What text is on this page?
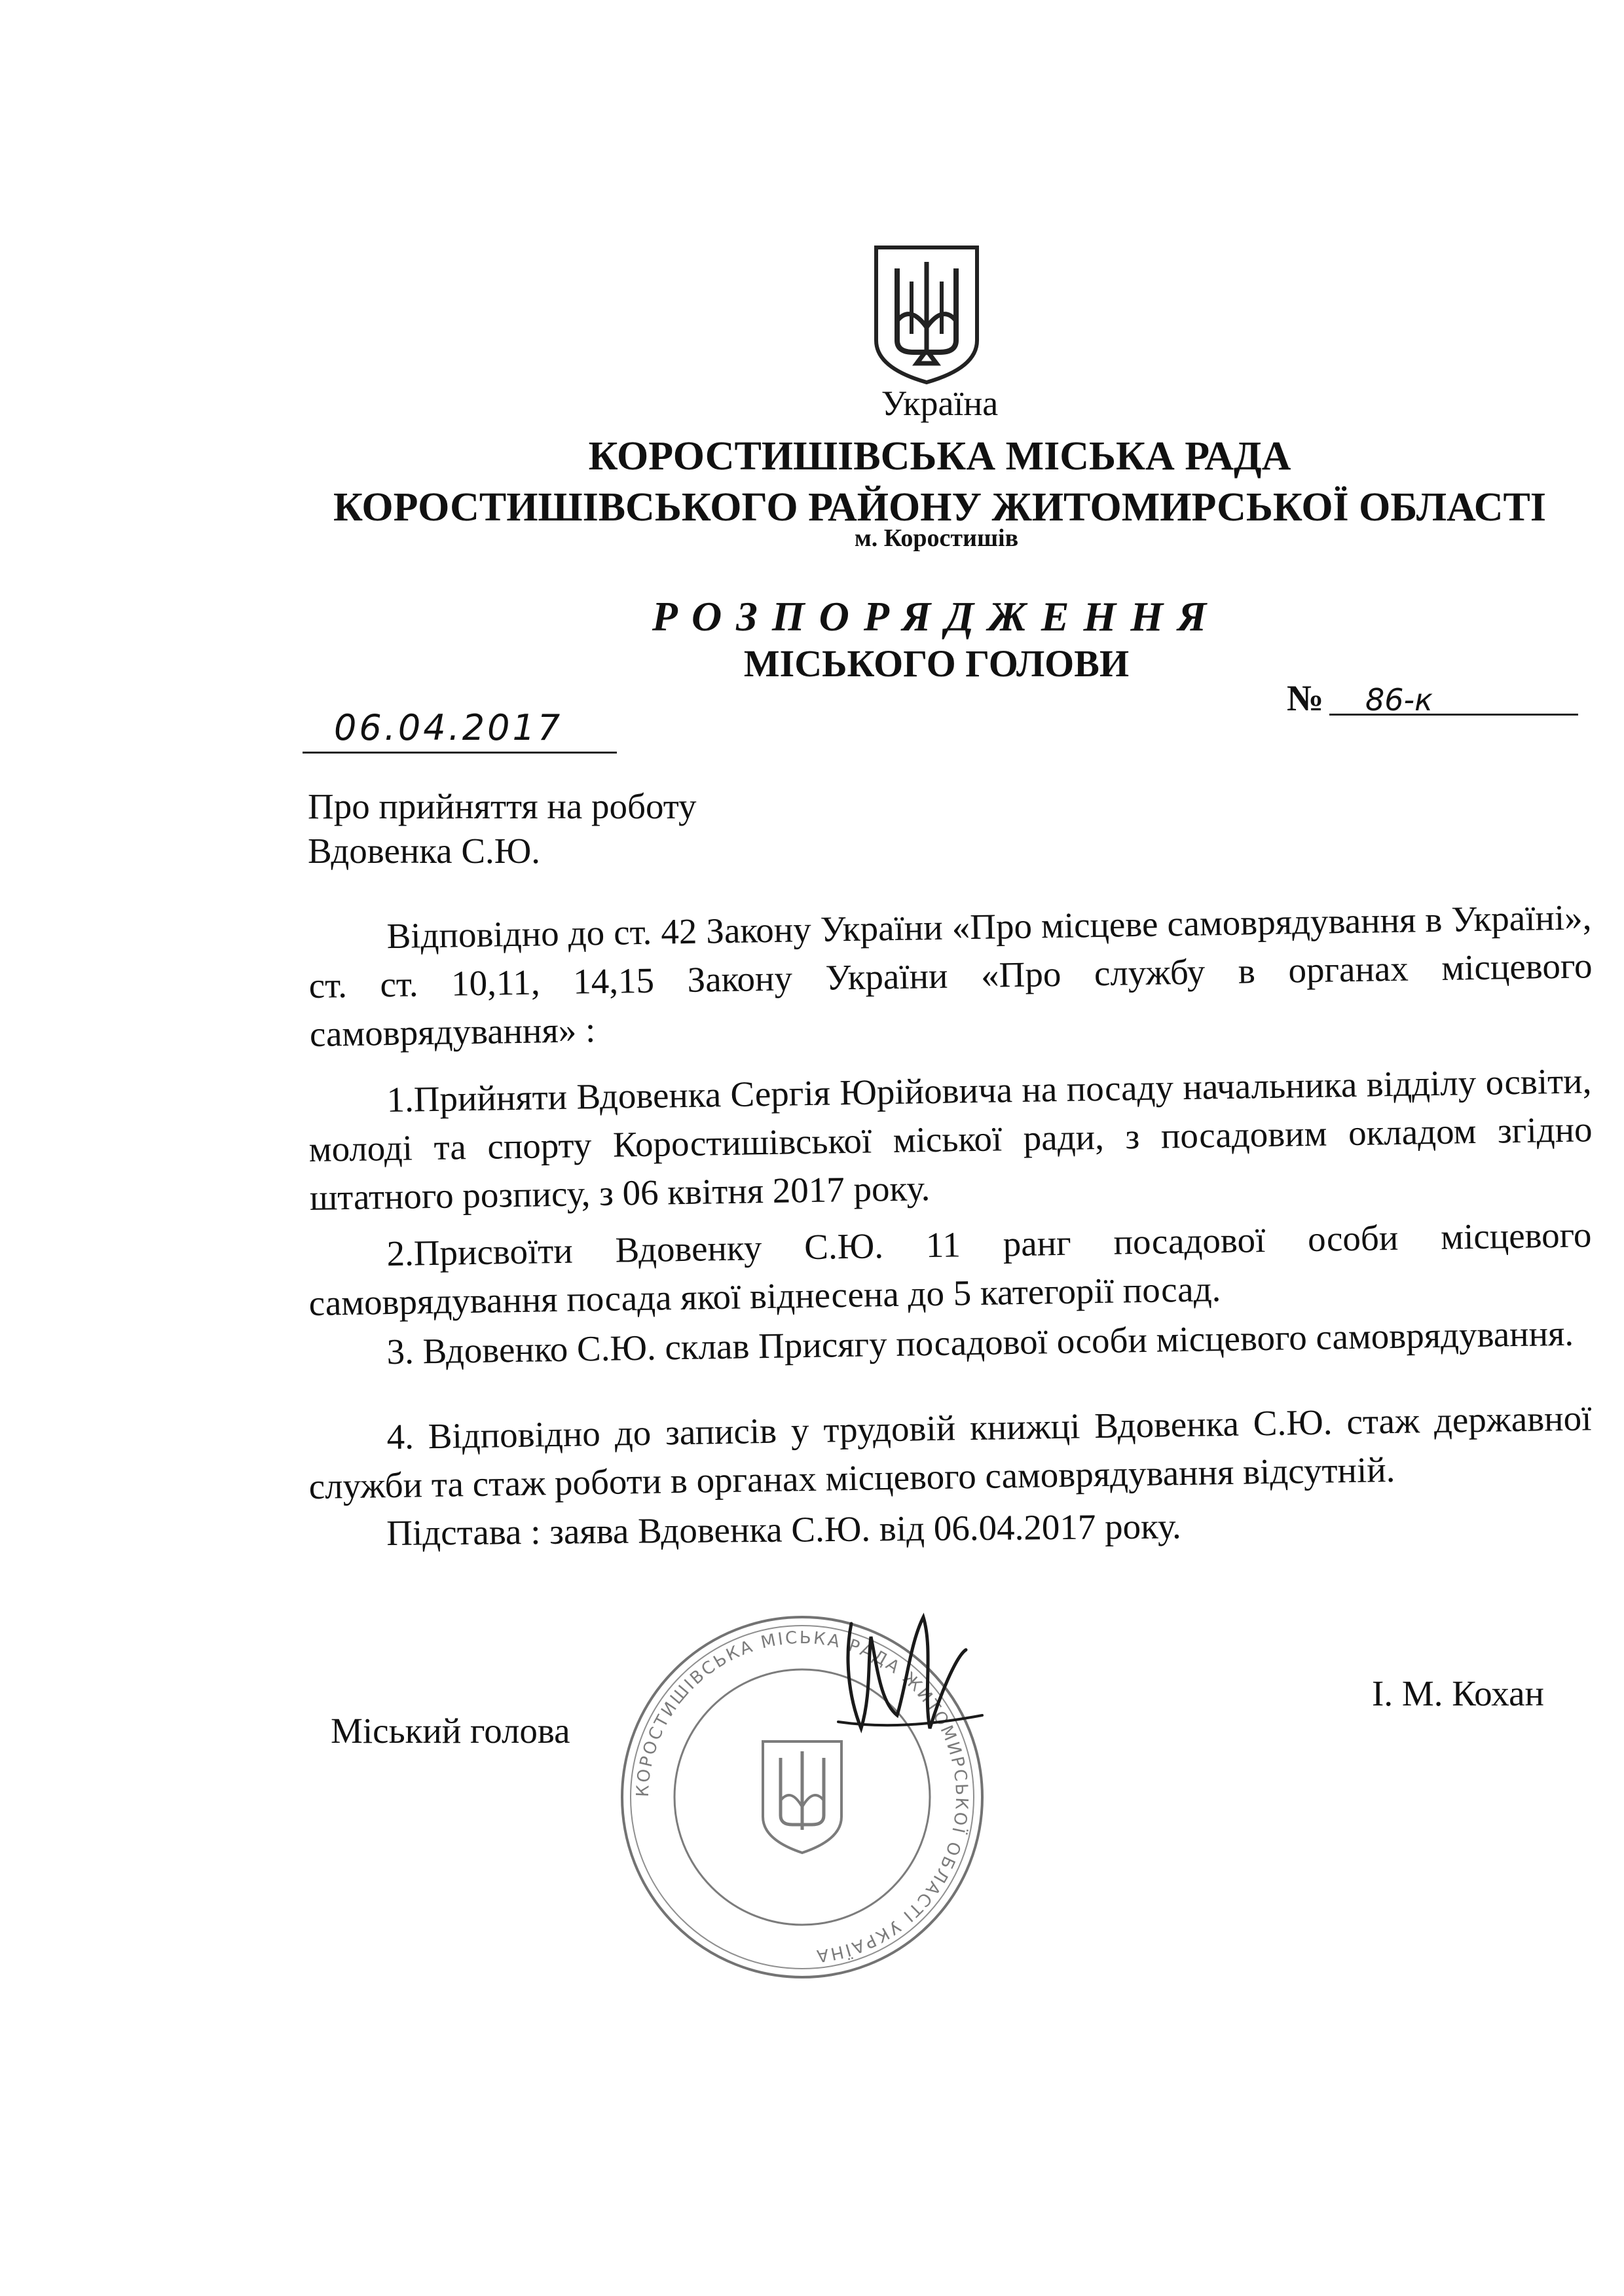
Україна
КОРОСТИШІВСЬКА МІСЬКА РАДА
КОРОСТИШІВСЬКОГО РАЙОНУ ЖИТОМИРСЬКОЇ ОБЛАСТІ
м. Коростишів
РОЗПОРЯДЖЕННЯ
МІСЬКОГО ГОЛОВИ
06.04.2017
№ 86-к
Про прийняття на роботу
Вдовенка С.Ю.
Відповідно до ст. 42 Закону України «Про місцеве самоврядування в Україні», ст. ст. 10,11, 14,15 Закону України «Про службу в органах місцевого самоврядування» :
1.Прийняти Вдовенка Сергія Юрійовича на посаду начальника відділу освіти, молоді та спорту Коростишівської міської ради, з посадовим окладом згідно штатного розпису, з 06 квітня 2017 року.
2.Присвоїти Вдовенку С.Ю. 11 ранг посадової особи місцевого самоврядування посада якої віднесена до 5 категорії посад.
3. Вдовенко С.Ю. склав Присягу посадової особи місцевого самоврядування.
4. Відповідно до записів у трудовій книжці Вдовенка С.Ю. стаж державної служби та стаж роботи в органах місцевого самоврядування відсутній.
Підстава : заява Вдовенка С.Ю. від 06.04.2017 року.
Міський голова
І. М. Кохан
КОРОСТИШІВСЬКА МІСЬКА РАДА ЖИТОМИРСЬКОЇ ОБЛАСТІ УКРАЇНА
